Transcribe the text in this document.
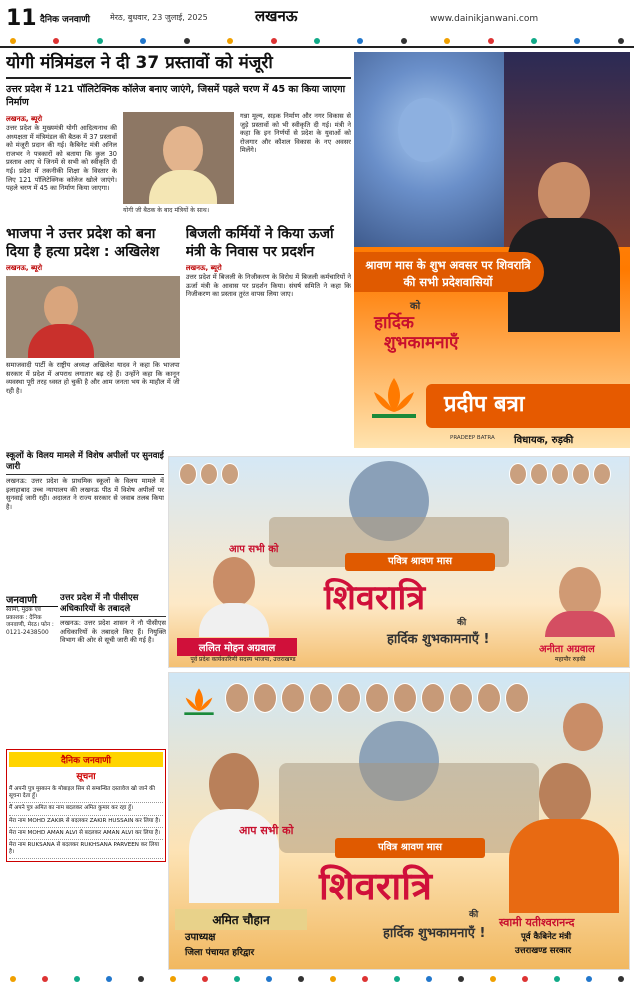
11 दैनिक जनवाणी	मेरठ, बुधवार, 23 जुलाई, 2025	लखनऊ	www.dainikjanwani.com
योगी मंत्रिमंडल ने दी 37 प्रस्तावों को मंजूरी
उत्तर प्रदेश में 121 पॉलिटेक्निक कॉलेज बनाए जाएंगे, जिसमें पहले चरण में 45 का किया जाएगा निर्माण
लखनऊ, ब्यूरो
उत्तर प्रदेश के मुख्यमंत्री योगी आदित्यनाथ की अध्यक्षता में मंत्रिमंडल की बैठक में 37 प्रस्तावों को मंजूरी प्रदान की गई। कैबिनेट मंत्री अनिल राजभर ने पत्रकारों को बताया कि कुल 30 प्रस्ताव आए थे जिनमें से सभी को स्वीकृति दी गई। प्रदेश में तकनीकी शिक्षा के विस्तार के लिए 121 पॉलिटेक्निक कॉलेज खोले जाएंगे। पहले चरण में 45 का निर्माण किया जाएगा।
योगी जी बैठक के बाद मंत्रियों के साथ।
गन्ना मूल्य, सड़क निर्माण और नगर विकास से जुड़े प्रस्तावों को भी स्वीकृति दी गई। मंत्री ने कहा कि इन निर्णयों से प्रदेश के युवाओं को रोजगार और कौशल विकास के नए अवसर मिलेंगे।
भाजपा ने उत्तर प्रदेश को बना दिया है हत्या प्रदेश : अखिलेश
लखनऊ, ब्यूरो
समाजवादी पार्टी के राष्ट्रीय अध्यक्ष अखिलेश यादव ने कहा कि भाजपा सरकार में प्रदेश में अपराध लगातार बढ़ रहे हैं। उन्होंने कहा कि कानून व्यवस्था पूरी तरह ध्वस्त हो चुकी है और आम जनता भय के माहौल में जी रही है।
बिजली कर्मियों ने किया ऊर्जा मंत्री के निवास पर प्रदर्शन
लखनऊ, ब्यूरो
उत्तर प्रदेश में बिजली के निजीकरण के विरोध में बिजली कर्मचारियों ने ऊर्जा मंत्री के आवास पर प्रदर्शन किया। संघर्ष समिति ने कहा कि निजीकरण का प्रस्ताव तुरंत वापस लिया जाए।
श्रावण मास के शुभ अवसर पर शिवरात्रि की सभी प्रदेशवासियों
को
हार्दिक
शुभकामनाएँ
प्रदीप बत्रा
PRADEEP BATRA विधायक, रुड़की
स्कूलों के विलय मामले में विशेष अपीलों पर सुनवाई जारी
लखनऊ: उत्तर प्रदेश के प्राथमिक स्कूलों के विलय मामले में इलाहाबाद उच्च न्यायालय की लखनऊ पीठ में विशेष अपीलों पर सुनवाई जारी रही। अदालत ने राज्य सरकार से जवाब तलब किया है।
आप सभी को
पवित्र श्रावण मास
शिवरात्रि
की
हार्दिक शुभकामनाएँ !
ललित मोहन अग्रवाल
पूर्व प्रदेश कार्यकारिणी सदस्य भाजपा, उत्तराखण्ड
अनीता अग्रवाल
महापौर रुड़की
जनवाणी
स्वामी, मुद्रक एवं प्रकाशक : दैनिक जनवाणी, मेरठ। फोन : 0121-2438500
उत्तर प्रदेश में नौ पीसीएस अधिकारियों के तबादले
लखनऊ: उत्तर प्रदेश शासन ने नौ पीसीएस अधिकारियों के तबादले किए हैं। नियुक्ति विभाग की ओर से सूची जारी की गई है।
दैनिक जनवाणी
सूचना
मैं अपनी पुत्र मुस्कान के मोबाइल सिम से सम्बन्धित दस्तावेज खो जाने की सूचना देता हूँ।
मैं अपने पुत्र अमित का नाम बदलकर अमित कुमार कर रहा हूँ।
मेरा नाम MOHD ZAKIR से बदलकर ZAKIR HUSSAIN कर लिया है।
मेरा नाम MOHD AMAN ALVI से बदलकर AMAN ALVI कर लिया है।
मेरा नाम RUKSANA से बदलकर RUKHSANA PARVEEN कर लिया है।
आप सभी को
पवित्र श्रावण मास
शिवरात्रि
की
हार्दिक शुभकामनाएँ !
अमित चौहान
उपाध्यक्ष
जिला पंचायत हरिद्वार
स्वामी यतीश्वरानन्द
पूर्व कैबिनेट मंत्री
उत्तराखण्ड सरकार
